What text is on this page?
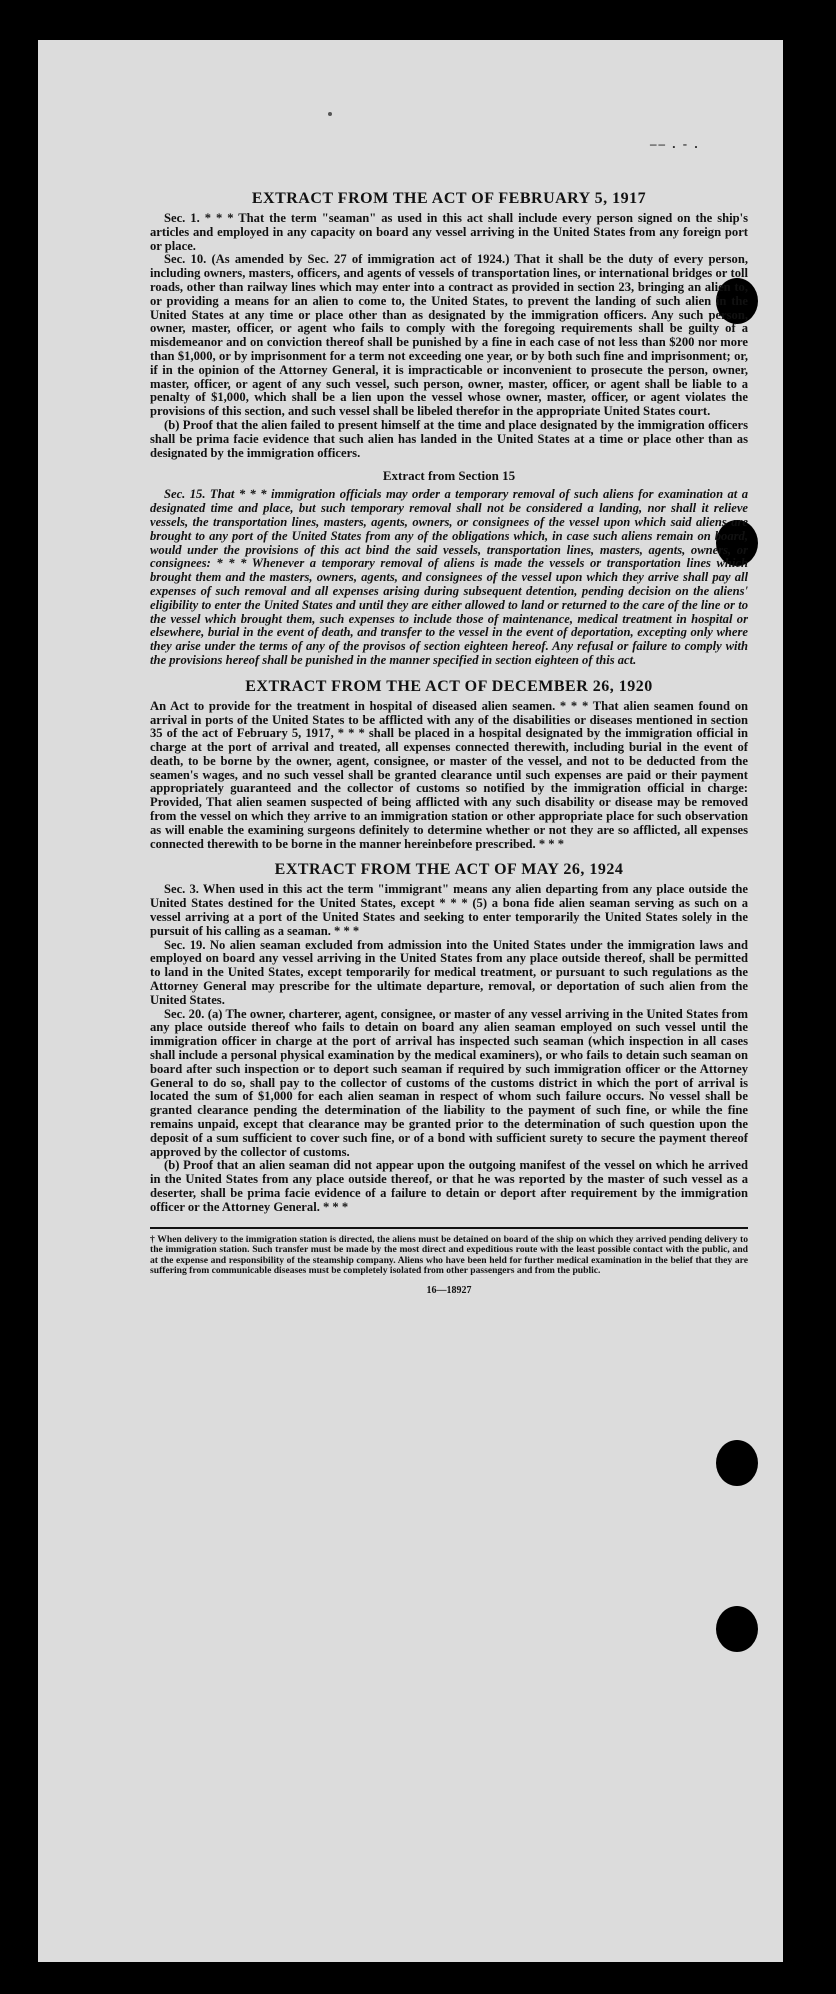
–– . - .
EXTRACT FROM THE ACT OF FEBRUARY 5, 1917

Sec. 1. * * * That the term "seaman" as used in this act shall include every person signed on the ship's articles and employed in any capacity on board any vessel arriving in the United States from any foreign port or place.

Sec. 10. (As amended by Sec. 27 of immigration act of 1924.) That it shall be the duty of every person, including owners, masters, officers, and agents of vessels of transportation lines, or international bridges or toll roads, other than railway lines which may enter into a contract as provided in section 23, bringing an alien to, or providing a means for an alien to come to, the United States, to prevent the landing of such alien in the United States at any time or place other than as designated by the immigration officers. Any such person, owner, master, officer, or agent who fails to comply with the foregoing requirements shall be guilty of a misdemeanor and on conviction thereof shall be punished by a fine in each case of not less than $200 nor more than $1,000, or by imprisonment for a term not exceeding one year, or by both such fine and imprisonment; or, if in the opinion of the Attorney General, it is impracticable or inconvenient to prosecute the person, owner, master, officer, or agent of any such vessel, such person, owner, master, officer, or agent shall be liable to a penalty of $1,000, which shall be a lien upon the vessel whose owner, master, officer, or agent violates the provisions of this section, and such vessel shall be libeled therefor in the appropriate United States court.

(b) Proof that the alien failed to present himself at the time and place designated by the immigration officers shall be prima facie evidence that such alien has landed in the United States at a time or place other than as designated by the immigration officers.

Extract from Section 15

Sec. 15. That * * * immigration officials may order a temporary removal of such aliens for examination at a designated time and place, but such temporary removal shall not be considered a landing, nor shall it relieve vessels, the transportation lines, masters, agents, owners, or consignees of the vessel upon which said aliens are brought to any port of the United States from any of the obligations which, in case such aliens remain on board, would under the provisions of this act bind the said vessels, transportation lines, masters, agents, owners, or consignees: * * * Whenever a temporary removal of aliens is made the vessels or transportation lines which brought them and the masters, owners, agents, and consignees of the vessel upon which they arrive shall pay all expenses of such removal and all expenses arising during subsequent detention, pending decision on the aliens' eligibility to enter the United States and until they are either allowed to land or returned to the care of the line or to the vessel which brought them, such expenses to include those of maintenance, medical treatment in hospital or elsewhere, burial in the event of death, and transfer to the vessel in the event of deportation, excepting only where they arise under the terms of any of the provisos of section eighteen hereof. Any refusal or failure to comply with the provisions hereof shall be punished in the manner specified in section eighteen of this act.

EXTRACT FROM THE ACT OF DECEMBER 26, 1920

An Act to provide for the treatment in hospital of diseased alien seamen. * * * That alien seamen found on arrival in ports of the United States to be afflicted with any of the disabilities or diseases mentioned in section 35 of the act of February 5, 1917, * * * shall be placed in a hospital designated by the immigration official in charge at the port of arrival and treated, all expenses connected therewith, including burial in the event of death, to be borne by the owner, agent, consignee, or master of the vessel, and not to be deducted from the seamen's wages, and no such vessel shall be granted clearance until such expenses are paid or their payment appropriately guaranteed and the collector of customs so notified by the immigration official in charge: Provided, That alien seamen suspected of being afflicted with any such disability or disease may be removed from the vessel on which they arrive to an immigration station or other appropriate place for such observation as will enable the examining surgeons definitely to determine whether or not they are so afflicted, all expenses connected therewith to be borne in the manner hereinbefore prescribed. * * *

EXTRACT FROM THE ACT OF MAY 26, 1924

Sec. 3. When used in this act the term "immigrant" means any alien departing from any place outside the United States destined for the United States, except * * * (5) a bona fide alien seaman serving as such on a vessel arriving at a port of the United States and seeking to enter temporarily the United States solely in the pursuit of his calling as a seaman. * * *

Sec. 19. No alien seaman excluded from admission into the United States under the immigration laws and employed on board any vessel arriving in the United States from any place outside thereof, shall be permitted to land in the United States, except temporarily for medical treatment, or pursuant to such regulations as the Attorney General may prescribe for the ultimate departure, removal, or deportation of such alien from the United States.

Sec. 20. (a) The owner, charterer, agent, consignee, or master of any vessel arriving in the United States from any place outside thereof who fails to detain on board any alien seaman employed on such vessel until the immigration officer in charge at the port of arrival has inspected such seaman (which inspection in all cases shall include a personal physical examination by the medical examiners), or who fails to detain such seaman on board after such inspection or to deport such seaman if required by such immigration officer or the Attorney General to do so, shall pay to the collector of customs of the customs district in which the port of arrival is located the sum of $1,000 for each alien seaman in respect of whom such failure occurs. No vessel shall be granted clearance pending the determination of the liability to the payment of such fine, or while the fine remains unpaid, except that clearance may be granted prior to the determination of such question upon the deposit of a sum sufficient to cover such fine, or of a bond with sufficient surety to secure the payment thereof approved by the collector of customs.

(b) Proof that an alien seaman did not appear upon the outgoing manifest of the vessel on which he arrived in the United States from any place outside thereof, or that he was reported by the master of such vessel as a deserter, shall be prima facie evidence of a failure to detain or deport after requirement by the immigration officer or the Attorney General. * * *

† When delivery to the immigration station is directed, the aliens must be detained on board of the ship on which they arrived pending delivery to the immigration station. Such transfer must be made by the most direct and expeditious route with the least possible contact with the public, and at the expense and responsibility of the steamship company. Aliens who have been held for further medical examination in the belief that they are suffering from communicable diseases must be completely isolated from other passengers and from the public.

16—18927
